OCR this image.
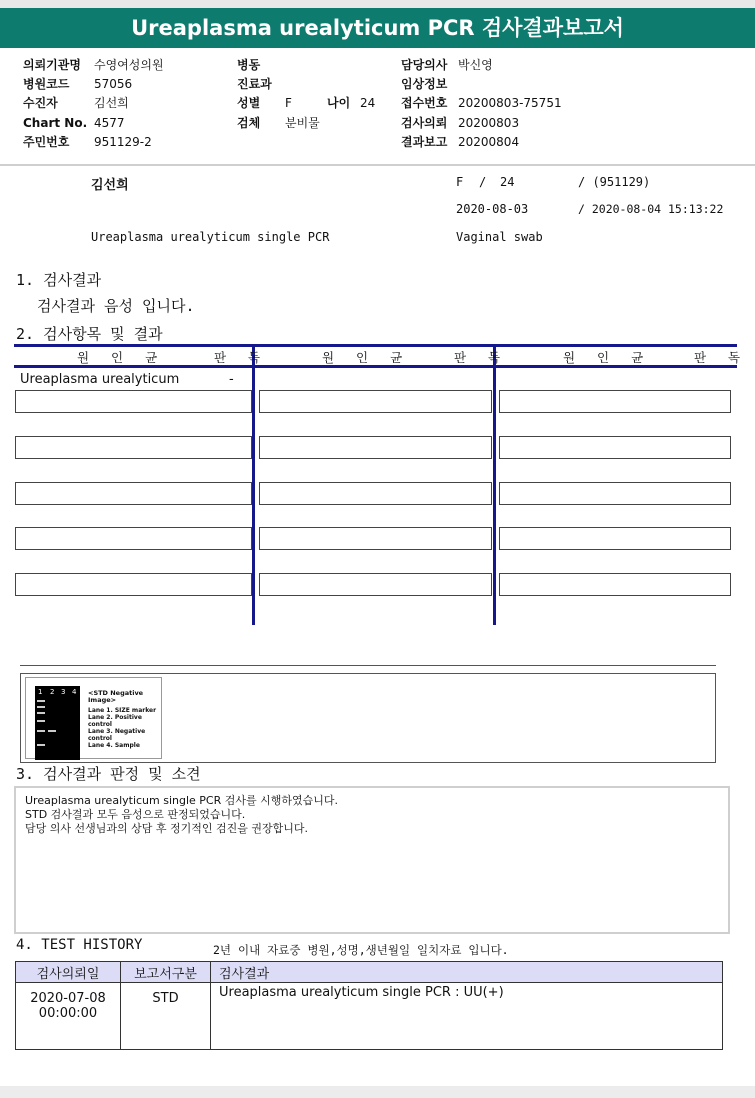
Ureaplasma urealyticum PCR 검사결과보고서
의뢰기관명 수영여성의원
병원코드 57056
수진자	김선희
Chart No. 4577
주민번호 951129-2
병동
진료과
성별 F	나이 24
검체 분비물
담당의사 박신영
임상정보
접수번호 20200803-75751
검사의뢰 20200803
결과보고 20200804
김선희	F / 24	/ (951129)
2020-08-03	/ 2020-08-04 15:13:22
Ureaplasma urealyticum single PCR	Vaginal swab
1. 검사결과
검사결과 음성 입니다.
2. 검사항목 및 결과
원 인 균	판 독	원 인 균	판 독	원 인 균	판 독
Ureaplasma urealyticum	-
1 2 3 4 <STD Negative Image>
Lane 1. SIZE marker
Lane 2. Positive control
Lane 3. Negative control
Lane 4. Sample
3. 검사결과 판정 및 소견
Ureaplasma urealyticum single PCR 검사를 시행하였습니다.
STD 검사결과 모두 음성으로 판정되었습니다.
담당 의사 선생님과의 상담 후 정기적인 검진을 권장합니다.
4. TEST HISTORY	2년 이내 자료중 병원,성명,생년월일 일치자료 입니다.
검사의뢰일	보고서구분	검사결과

2020-07-08
00:00:00	STD	Ureaplasma urealyticum single PCR : UU(+)
